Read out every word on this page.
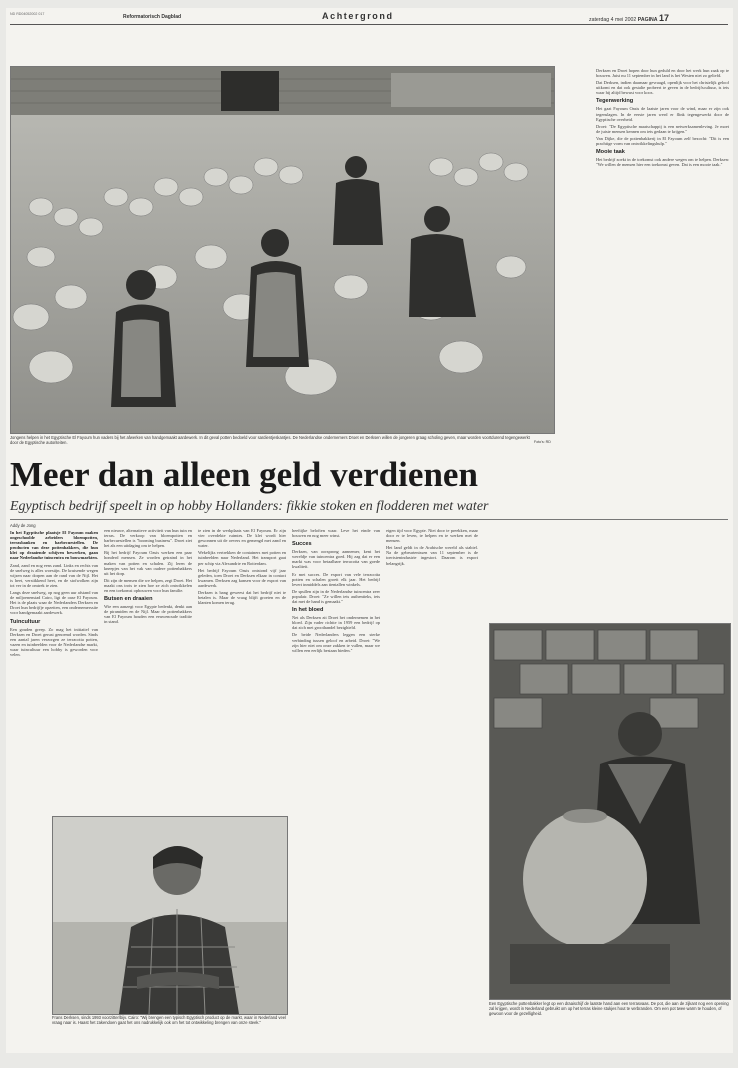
ND RD04052002 017	Reformatorisch Dagblad	Achtergrond	zaterdag 4 mei 2002 PAGINA 17
Jongens helpen in het Egyptische El Fayoum hun vaders bij het afwerken van handgemaakt aardewerk. In dit geval potten bedoeld voor sardientjeskantjes. De Nederlandse ondernemers Droet en Derksen willen de jongeren graag scholing geven, maar worden voortdurend tegengewerkt door de Egyptische autoriteiten.	Foto's: RD

Derksen en Droet hopen door hun geduld en door het werk hun zaak op te bouwen. Juist nu 11 september in het land is het Westen niet zo geliefd.

Dat Derksen, indien daarnaar gevraagd, openlijk voor het christelijk geloof uitkomt en dat ook gestalte probeert te geven in de bedrijfscultuur, is iets waar hij altijd bewust voor koos.

Tegenwerking

Het gaat Fayoum Oasis de laatste jaren voor de wind, maar er zijn ook tegenslagen. In de eerste jaren werd er flink tegengewerkt door de Egyptische overheid.

Droet: "De Egyptische maatschappij is een netwerksamenleving. Je moet de juiste mensen kennen om iets gedaan te krijgen."

Van Dijke, die de pottenbakkerij in El Fayoum zelf bezocht: "Dit is een prachtige vorm van ontwikkelingshulp."

Mooie taak

Het bedrijf zoekt in de toekomst ook andere wegen om te helpen. Derksen: "We willen de mensen hier een toekomst geven. Dat is een mooie taak."

Meer dan alleen geld verdienen
Egyptisch bedrijf speelt in op hobby Hollanders: fikkie stoken en flodderen met water
Addy de Jong

In het Egyptische plaatsje El Fayoum maken ongeschoolde arbeiders bloempotten, terrasbanken en barbecuestellen. De producten van deze pottenbakkers, die hun klei op draaiende schijven bewerken, gaan naar Nederlandse tuincentra en bouwmarkten.

Zand, zand en nog eens zand. Links en rechts van de snelweg is alles woestijn. De kruisende wegen wijzen naar dorpen aan de rand van de Nijl. Het is heet, verstikkend heet, en de stofwolken zijn tot ver in de omtrek te zien.

Langs deze snelweg, op nog geen uur afstand van de miljoenenstad Cairo, ligt de oase El Fayoum. Het is de plaats waar de Nederlanders Derksen en Droet hun bedrijfje opzetten, een ondernemerssite voor handgemaakt aardewerk.

Tuincultuur

Een gouden greep. Zo mag het initiatief van Derksen en Droet gerust genoemd worden. Sinds een aantal jaren verzorgen ze terracotta potten, vazen en tuinbeelden voor de Nederlandse markt, waar tuincultuur een hobby is geworden voor velen.

een nieuwe, alternatieve activiteit van hun tuin en terras. De verkoop van bloempotten en barbecuestellen is "booming business". Droet ziet het als een uitdaging om te helpen.

Bij het bedrijf Fayoum Oasis werken een paar honderd mensen. Ze worden getraind in het maken van potten en schalen. Zij leren de kneepjes van het vak van oudere pottenbakkers uit het dorp.

Dit zijn de mensen die we helpen, zegt Droet. Het maakt ons trots te zien hoe ze zich ontwikkelen en een toekomst opbouwen voor hun familie.

Butsen en draaien

Wie een aanzegt voor Egypte bedenkt, denkt aan de piramiden en de Nijl. Maar de pottenbakkers van El Fayoum houden een eeuwenoude traditie in stand.

te zien in de werkplaats van El Fayoum. Er zijn vier overdekte ruimtes. De klei wordt hier gewonnen uit de oevers en gemengd met zand en water.

Wekelijks vertrekken de containers met potten en tuinbeelden naar Nederland. Het transport gaat per schip via Alexandrie en Rotterdam.

Het bedrijf Fayoum Oasis ontstond vijf jaar geleden, toen Droet en Derksen elkaar in contact kwamen. Derksen zag kansen voor de export van aardewerk.

Derksen is bang geweest dat het bedrijf niet te betalen is. Maar de vraag blijft groeien en de klanten komen terug.

heeftijke beloften waar. Leve het einde van bouwen en nog meer winst.

Succes

Derksen, van oorsprong aannemer, kent het wereldje van tuincentra goed. Hij zag dat er een markt was voor betaalbare terracotta van goede kwaliteit.

Er met succes. De export van vele terracotta potten en schalen groeit elk jaar. Het bedrijf levert inmiddels aan tientallen winkels.

De spullen zijn in de Nederlandse tuincentra zeer populair. Droet: "Ze willen iets authentieks, iets dat met de hand is gemaakt."

In het bloed

Net als Derksen zit Droet het ondernemen in het bloed. Zijn vader richtte in 1959 een bedrijf op dat zich met groothandel bezighield.

De beide Nederlanders leggen een sterke verbinding tussen geloof en arbeid. Droet: "We zijn hier niet om onze zakken te vullen, maar we willen een eerlijk bestaan bieden."

eigen tijd voor Egypte. Niet door te preekken, maar door er te leven, te helpen en te werken met de mensen.

Het land geldt in de Arabische wereld als stabiel. Na de gebeurtenissen van 11 september is de toeristenindustrie ingestort. Daarom is export belangrijk.

Frans Derksen, sinds 1993 voorzitter/bijv. Cairo: "Wij brengen een typisch Egyptisch product op de markt, waar in Nederland veel vraag naar is. Haast het zakendoen gaat het ons nadrukkelijk ook om het tot ontwikkeling brengen van onze steek."
Een Egyptische pottenbakker legt op een draaischijf de laatste hand aan een terrasvaas. De pot, die aan de zijkant nog een opening zal krijgen, wordt in Nederland gebruikt om op het terras kleine stukjes hout te verbranden. Om een pot twee warm te houden, of gewoon voor de gezelligheid.
